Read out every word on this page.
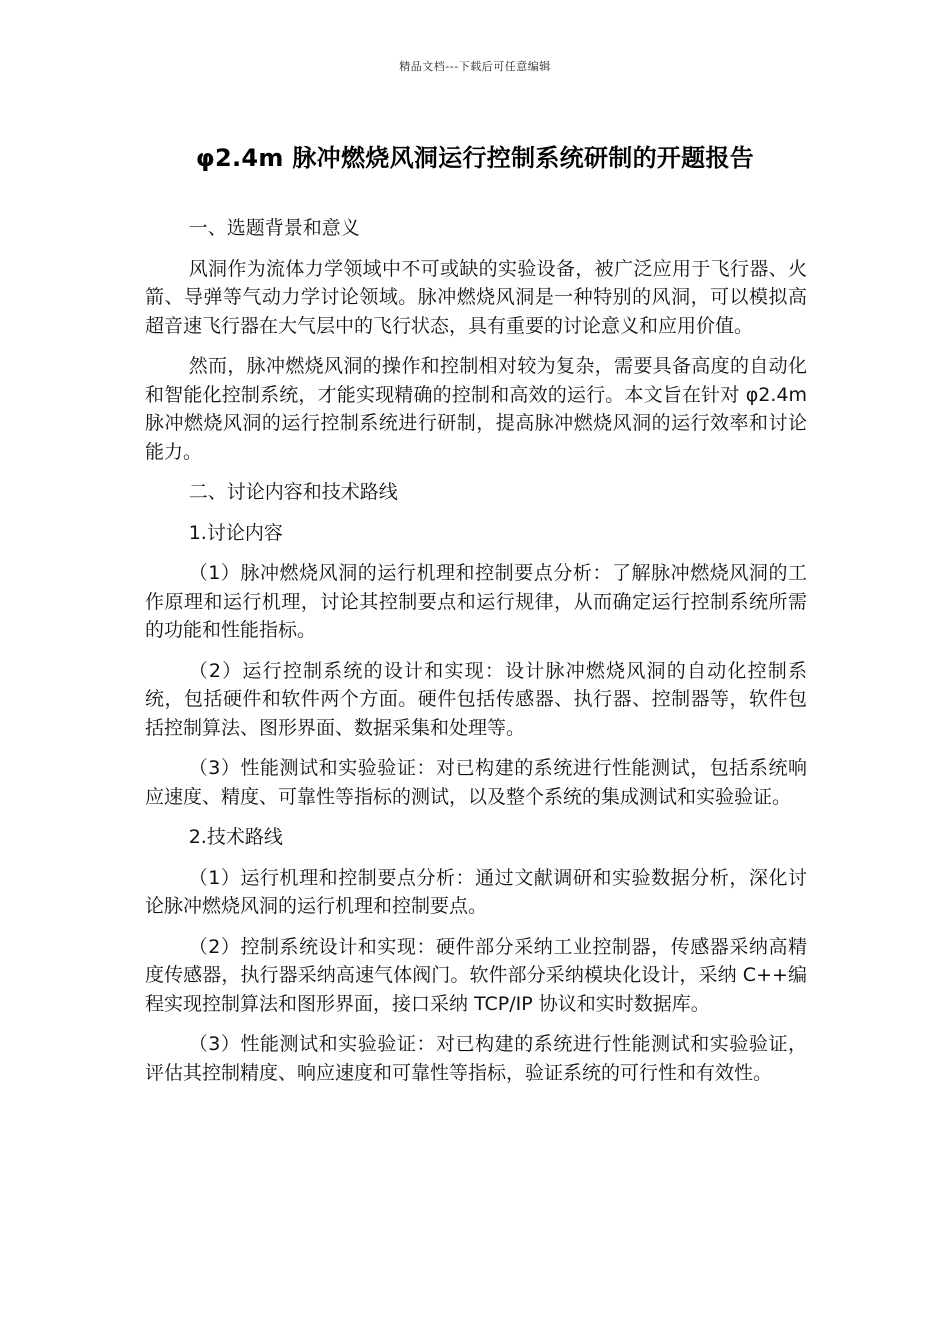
精品文档---下载后可任意编辑
φ2.4m 脉冲燃烧风洞运行控制系统研制的开题报告

一、选题背景和意义

风洞作为流体力学领域中不可或缺的实验设备，被广泛应用于飞行器、火箭、导弹等气动力学讨论领域。脉冲燃烧风洞是一种特别的风洞，可以模拟高超音速飞行器在大气层中的飞行状态，具有重要的讨论意义和应用价值。

然而，脉冲燃烧风洞的操作和控制相对较为复杂，需要具备高度的自动化和智能化控制系统，才能实现精确的控制和高效的运行。本文旨在针对 φ2.4m 脉冲燃烧风洞的运行控制系统进行研制，提高脉冲燃烧风洞的运行效率和讨论能力。

二、讨论内容和技术路线

1.讨论内容

（1）脉冲燃烧风洞的运行机理和控制要点分析：了解脉冲燃烧风洞的工作原理和运行机理，讨论其控制要点和运行规律，从而确定运行控制系统所需的功能和性能指标。

（2）运行控制系统的设计和实现：设计脉冲燃烧风洞的自动化控制系统，包括硬件和软件两个方面。硬件包括传感器、执行器、控制器等，软件包括控制算法、图形界面、数据采集和处理等。

（3）性能测试和实验验证：对已构建的系统进行性能测试，包括系统响应速度、精度、可靠性等指标的测试，以及整个系统的集成测试和实验验证。

2.技术路线

（1）运行机理和控制要点分析：通过文献调研和实验数据分析，深化讨论脉冲燃烧风洞的运行机理和控制要点。

（2）控制系统设计和实现：硬件部分采纳工业控制器，传感器采纳高精度传感器，执行器采纳高速气体阀门。软件部分采纳模块化设计，采纳 C++编程实现控制算法和图形界面，接口采纳 TCP/IP 协议和实时数据库。

（3）性能测试和实验验证：对已构建的系统进行性能测试和实验验证，评估其控制精度、响应速度和可靠性等指标，验证系统的可行性和有效性。
